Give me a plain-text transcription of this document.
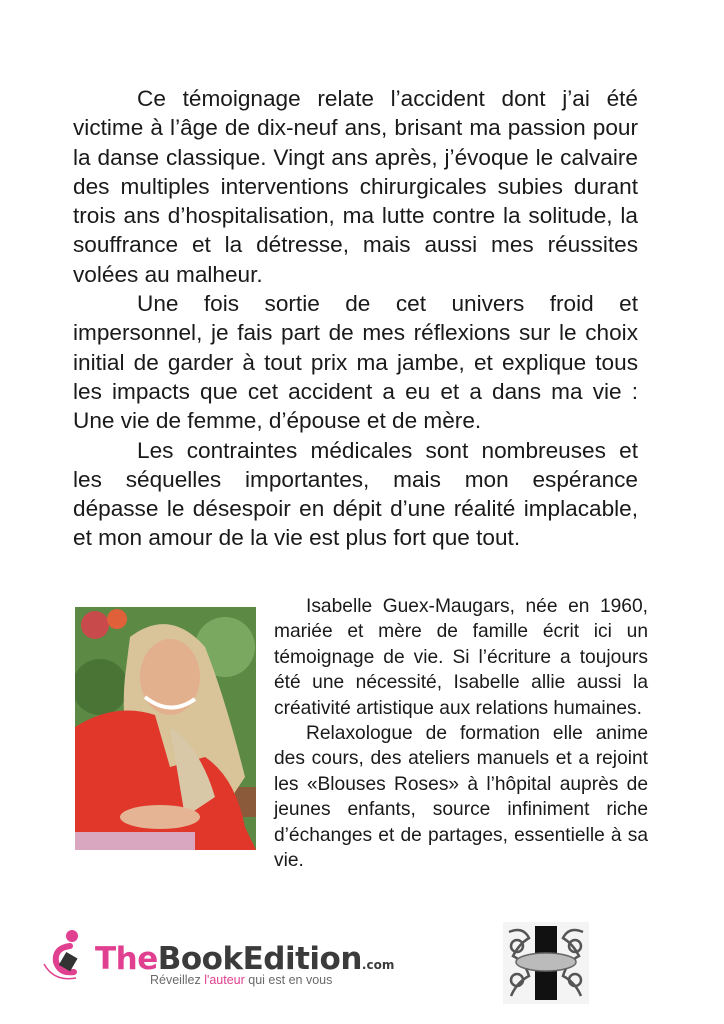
Ce témoignage relate l’accident dont j’ai été victime à l’âge de dix-neuf ans, brisant ma passion pour la danse classique. Vingt ans après, j’évoque le calvaire des multiples interventions chirurgicales subies durant trois ans d’hospitalisation, ma lutte contre la solitude, la souffrance et la détresse, mais aussi mes réussites volées au malheur.

Une fois sortie de cet univers froid et impersonnel, je fais part de mes réflexions sur le choix initial de garder à tout prix ma jambe, et explique tous les impacts que cet accident a eu et a dans ma vie : Une vie de femme, d’épouse et de mère.

Les contraintes médicales sont nombreuses et les séquelles importantes, mais mon espérance dépasse le désespoir en dépit d’une réalité implacable, et mon amour de la vie est plus fort que tout.

Isabelle Guex-Maugars, née en 1960, mariée et mère de famille écrit ici un témoignage de vie. Si l’écriture a toujours été une nécessité, Isabelle allie aussi la créativité artistique aux relations humaines.

Relaxologue de formation elle anime des cours, des ateliers manuels et a rejoint les «Blouses Roses» à l’hôpital auprès de jeunes enfants, source infiniment riche d’échanges et de partages, essentielle à sa vie.

TheBookEdition.com
Réveillez l'auteur qui est en vous
